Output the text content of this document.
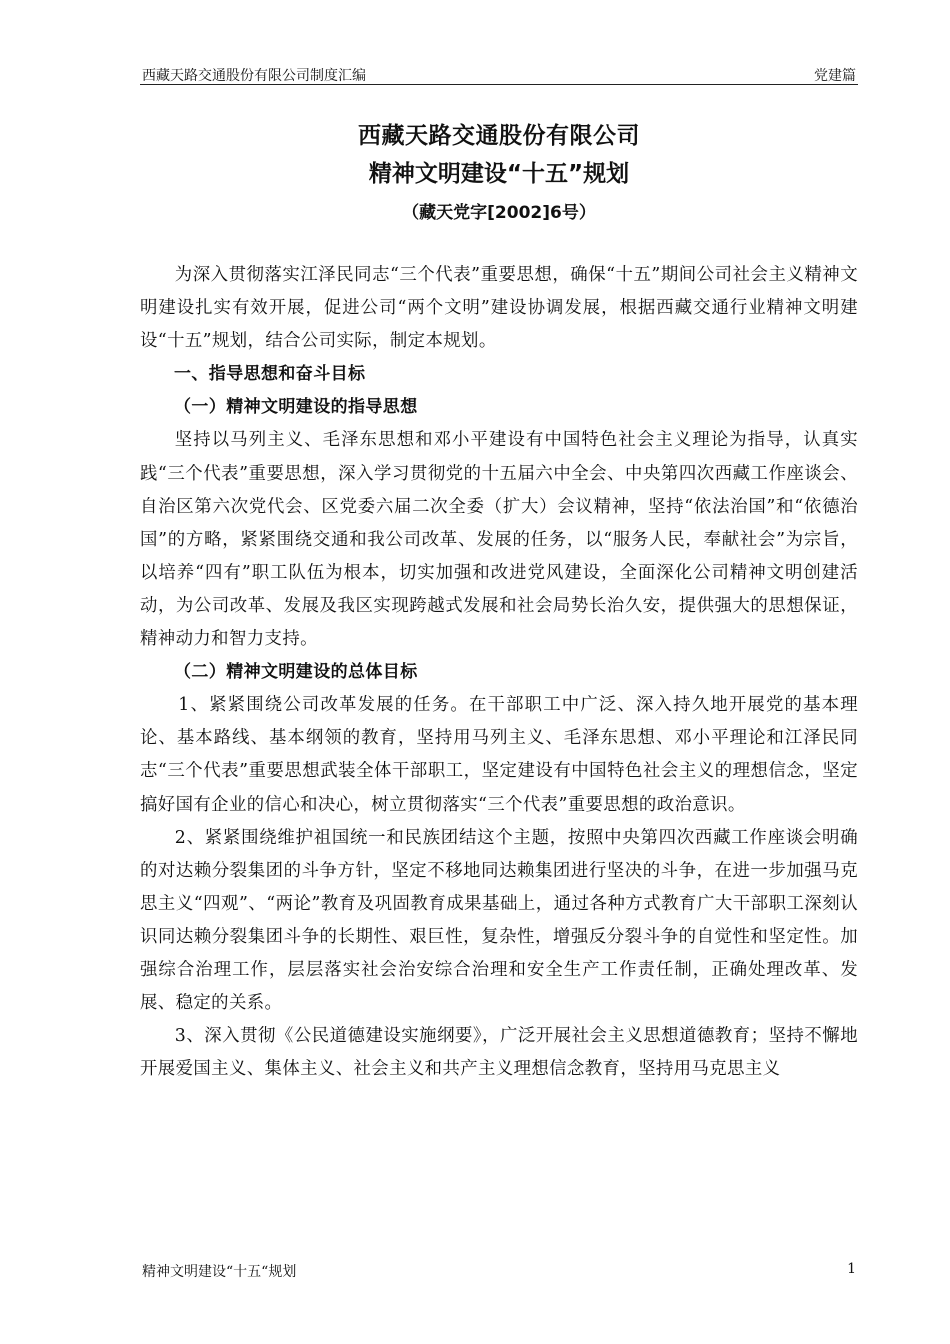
西藏天路交通股份有限公司制度汇编	党建篇
西藏天路交通股份有限公司
精神文明建设“十五”规划
（藏天党字[2002]6号）

为深入贯彻落实江泽民同志“三个代表”重要思想，确保“十五”期间公司社会主义精神文明建设扎实有效开展，促进公司“两个文明”建设协调发展，根据西藏交通行业精神文明建设“十五”规划，结合公司实际，制定本规划。

一、指导思想和奋斗目标

（一）精神文明建设的指导思想

坚持以马列主义、毛泽东思想和邓小平建设有中国特色社会主义理论为指导，认真实践“三个代表”重要思想，深入学习贯彻党的十五届六中全会、中央第四次西藏工作座谈会、自治区第六次党代会、区党委六届二次全委（扩大）会议精神，坚持“依法治国”和“依德治国”的方略，紧紧围绕交通和我公司改革、发展的任务，以“服务人民，奉献社会”为宗旨，以培养“四有”职工队伍为根本，切实加强和改进党风建设，全面深化公司精神文明创建活动，为公司改革、发展及我区实现跨越式发展和社会局势长治久安，提供强大的思想保证，精神动力和智力支持。

（二）精神文明建设的总体目标

1、紧紧围绕公司改革发展的任务。在干部职工中广泛、深入持久地开展党的基本理论、基本路线、基本纲领的教育，坚持用马列主义、毛泽东思想、邓小平理论和江泽民同志“三个代表”重要思想武装全体干部职工，坚定建设有中国特色社会主义的理想信念，坚定搞好国有企业的信心和决心，树立贯彻落实“三个代表”重要思想的政治意识。

2、紧紧围绕维护祖国统一和民族团结这个主题，按照中央第四次西藏工作座谈会明确的对达赖分裂集团的斗争方针，坚定不移地同达赖集团进行坚决的斗争，在进一步加强马克思主义“四观”、“两论”教育及巩固教育成果基础上，通过各种方式教育广大干部职工深刻认识同达赖分裂集团斗争的长期性、艰巨性，复杂性，增强反分裂斗争的自觉性和坚定性。加强综合治理工作，层层落实社会治安综合治理和安全生产工作责任制，正确处理改革、发展、稳定的关系。

3、深入贯彻《公民道德建设实施纲要》，广泛开展社会主义思想道德教育；坚持不懈地开展爱国主义、集体主义、社会主义和共产主义理想信念教育，坚持用马克思主义

精神文明建设“十五“规划	1
